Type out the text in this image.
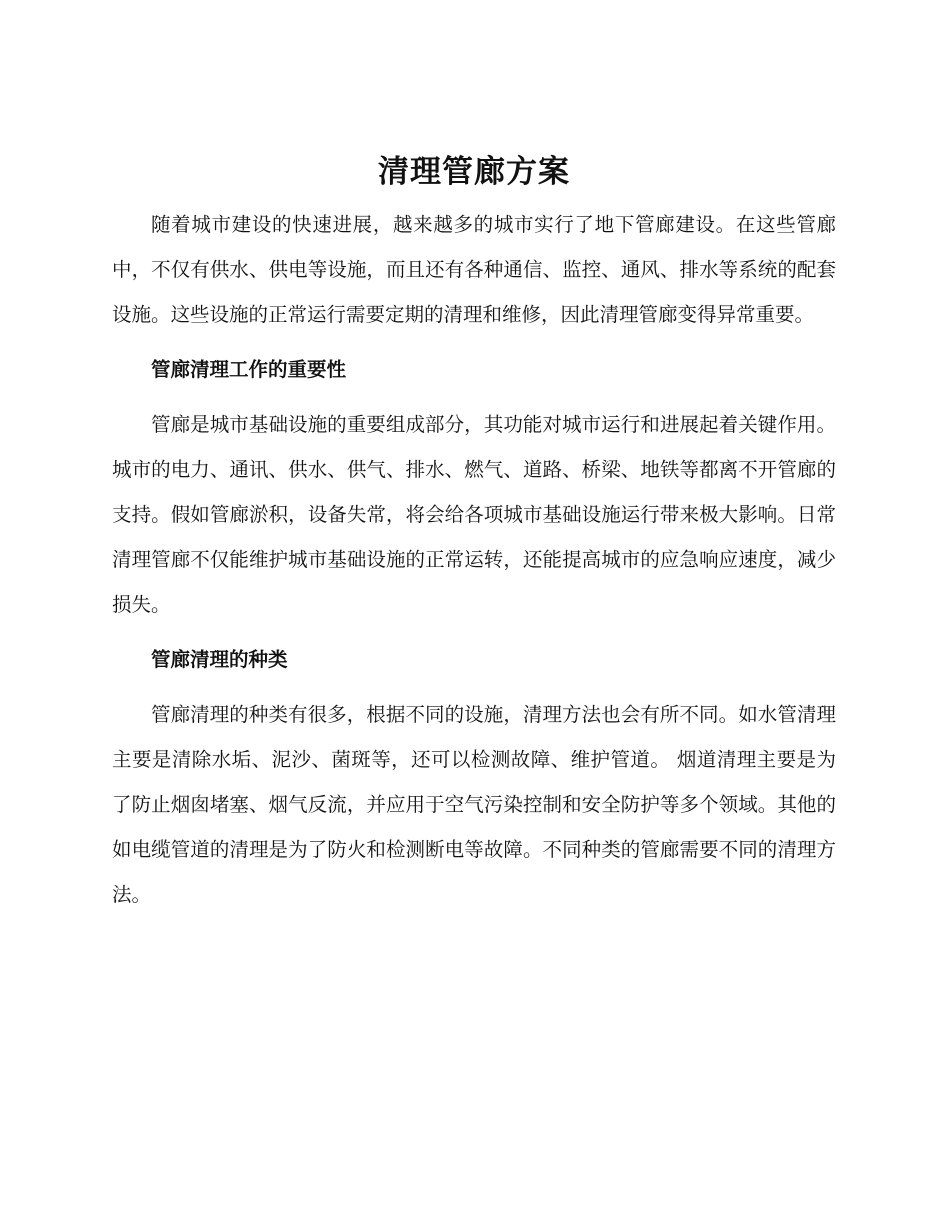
清理管廊方案

随着城市建设的快速进展，越来越多的城市实行了地下管廊建设。在这些管廊中，不仅有供水、供电等设施，而且还有各种通信、监控、通风、排水等系统的配套设施。这些设施的正常运行需要定期的清理和维修，因此清理管廊变得异常重要。

管廊清理工作的重要性

管廊是城市基础设施的重要组成部分，其功能对城市运行和进展起着关键作用。城市的电力、通讯、供水、供气、排水、燃气、道路、桥梁、地铁等都离不开管廊的支持。假如管廊淤积，设备失常，将会给各项城市基础设施运行带来极大影响。日常清理管廊不仅能维护城市基础设施的正常运转，还能提高城市的应急响应速度，减少损失。

管廊清理的种类

管廊清理的种类有很多，根据不同的设施，清理方法也会有所不同。如水管清理主要是清除水垢、泥沙、菌斑等，还可以检测故障、维护管道。 烟道清理主要是为了防止烟囱堵塞、烟气反流，并应用于空气污染控制和安全防护等多个领域。其他的如电缆管道的清理是为了防火和检测断电等故障。不同种类的管廊需要不同的清理方法。
